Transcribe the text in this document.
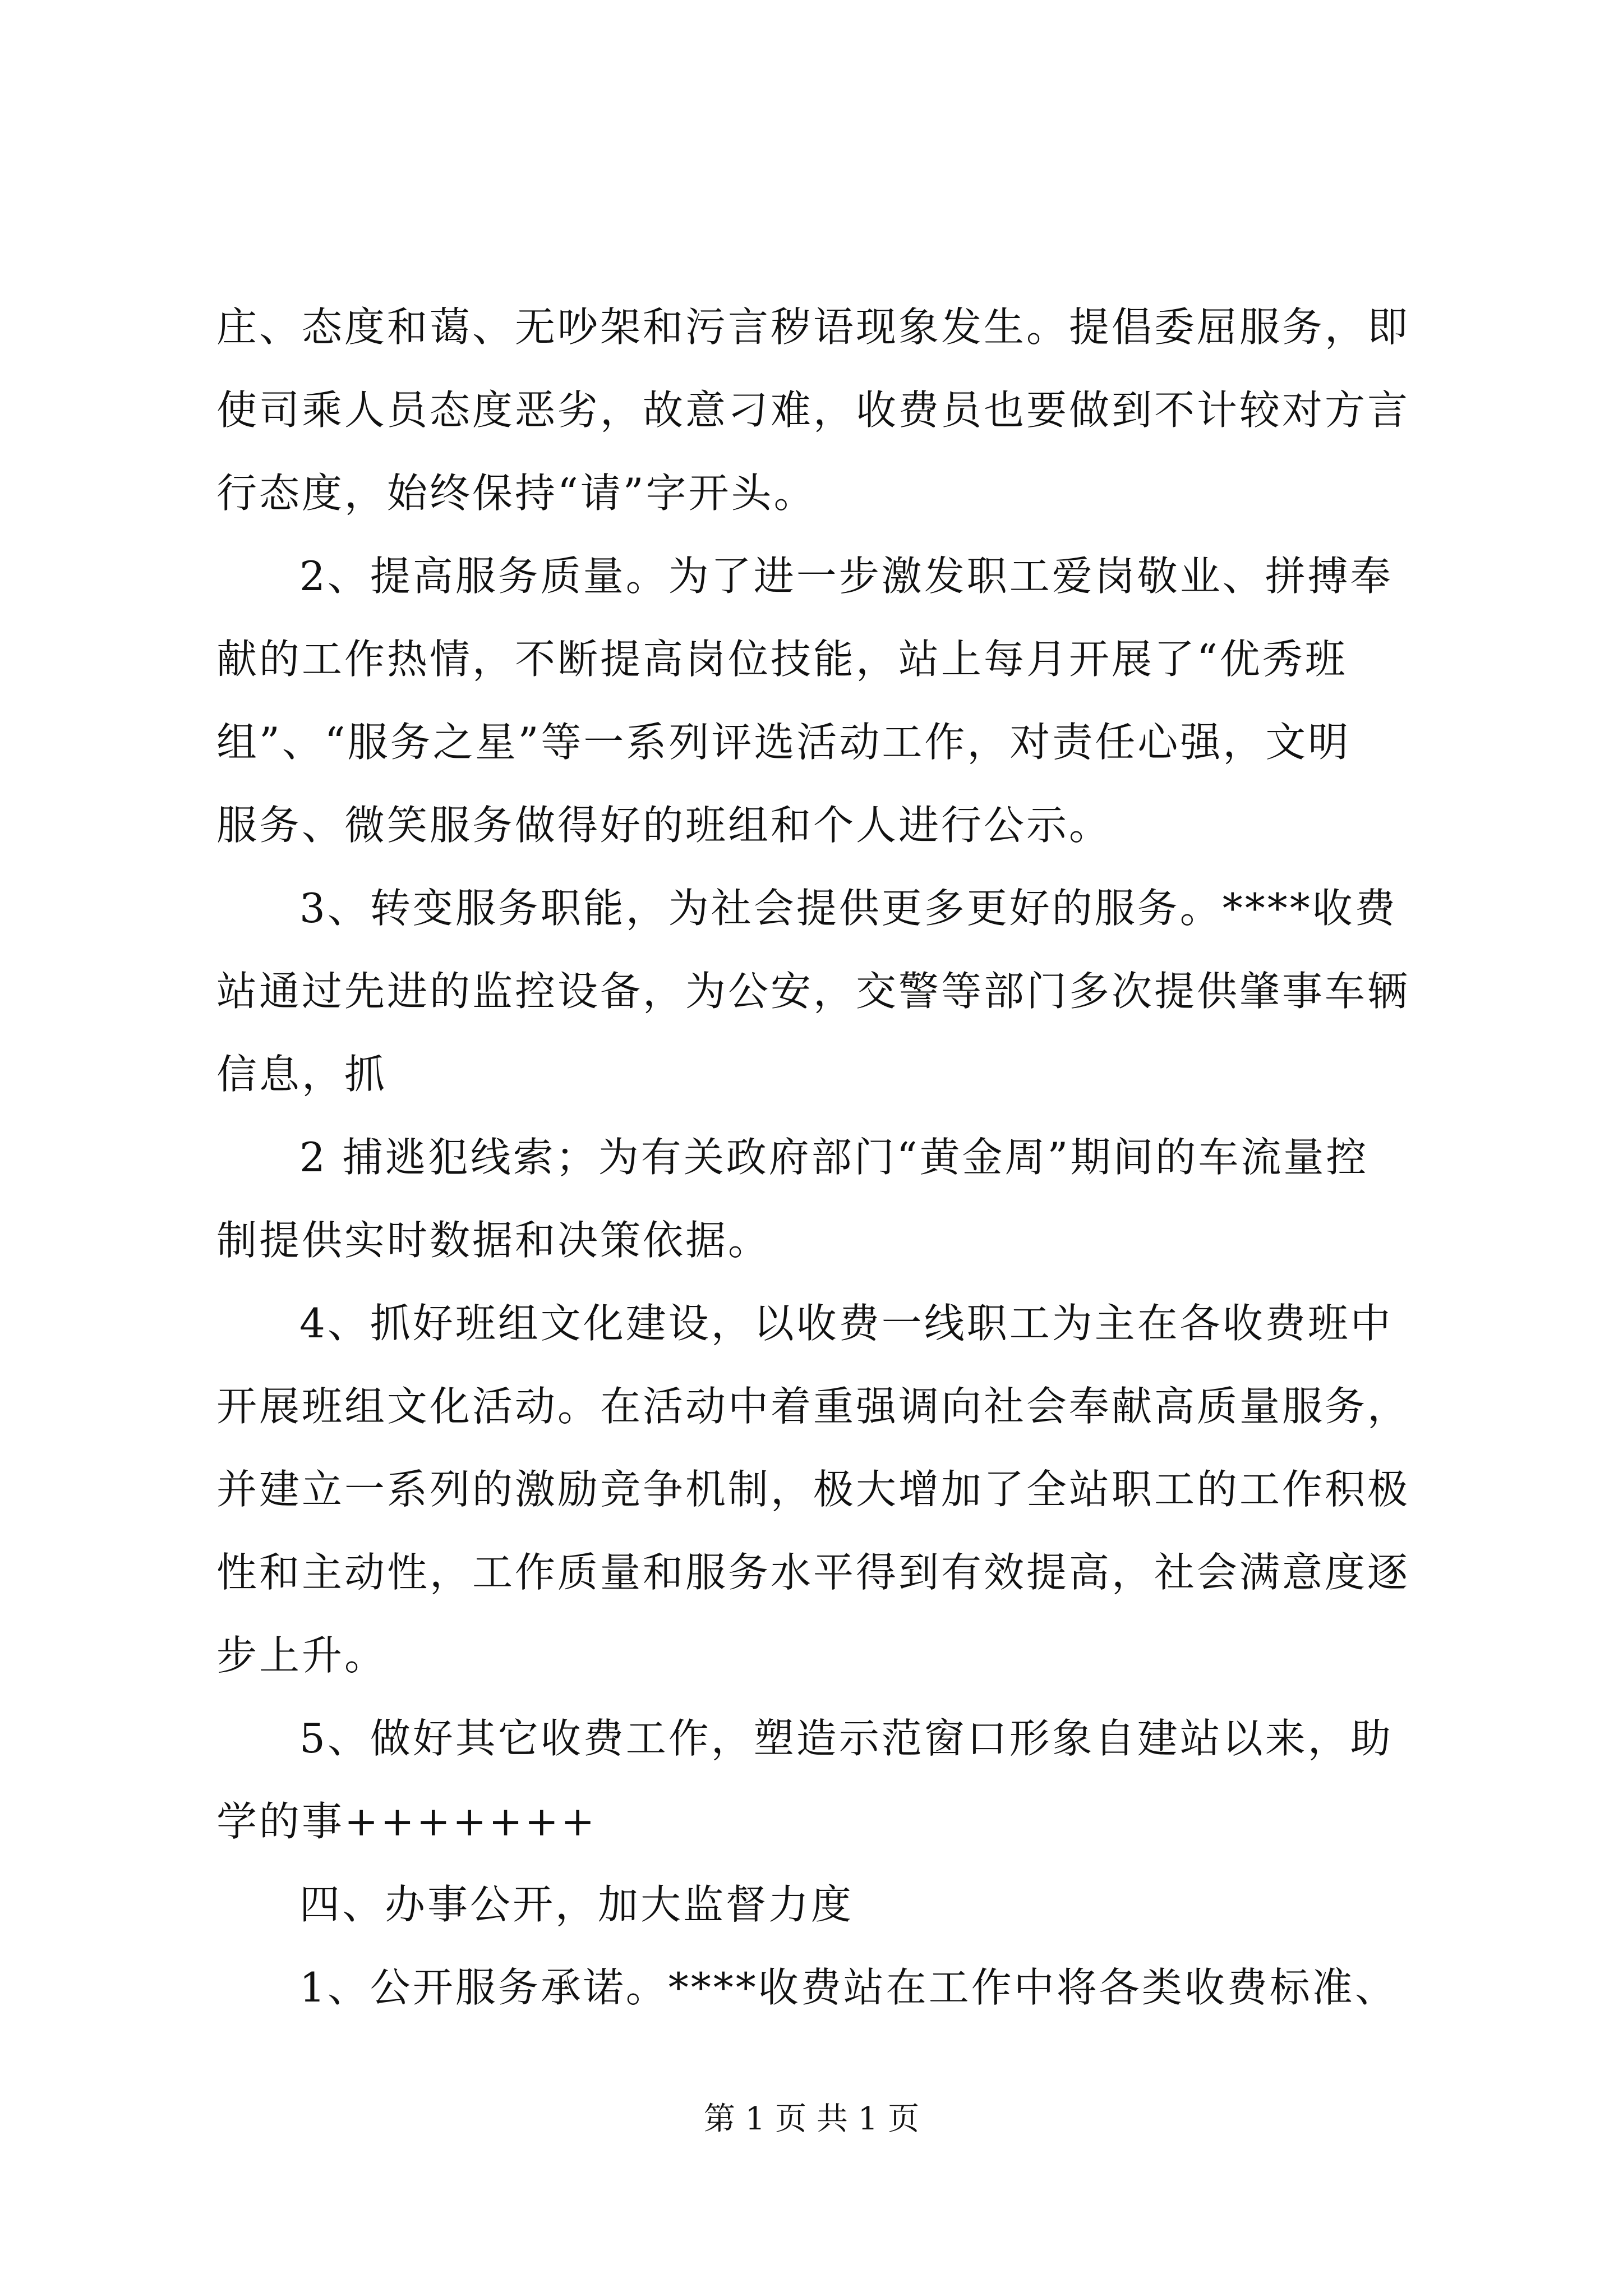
庄、态度和蔼、无吵架和污言秽语现象发生。提倡委屈服务，即
使司乘人员态度恶劣，故意刁难，收费员也要做到不计较对方言
行态度，始终保持“请”字开头。
2、提高服务质量。为了进一步激发职工爱岗敬业、拼搏奉
献的工作热情，不断提高岗位技能，站上每月开展了“优秀班
组”、“服务之星”等一系列评选活动工作，对责任心强，文明
服务、微笑服务做得好的班组和个人进行公示。
3、转变服务职能，为社会提供更多更好的服务。****收费
站通过先进的监控设备，为公安，交警等部门多次提供肇事车辆
信息，抓
2 捕逃犯线索；为有关政府部门“黄金周”期间的车流量控
制提供实时数据和决策依据。
4、抓好班组文化建设，以收费一线职工为主在各收费班中
开展班组文化活动。在活动中着重强调向社会奉献高质量服务，
并建立一系列的激励竞争机制，极大增加了全站职工的工作积极
性和主动性，工作质量和服务水平得到有效提高，社会满意度逐
步上升。
5、做好其它收费工作，塑造示范窗口形象自建站以来，助
学的事+++++++
四、办事公开，加大监督力度
1、公开服务承诺。****收费站在工作中将各类收费标准、
第 1 页 共 1 页
